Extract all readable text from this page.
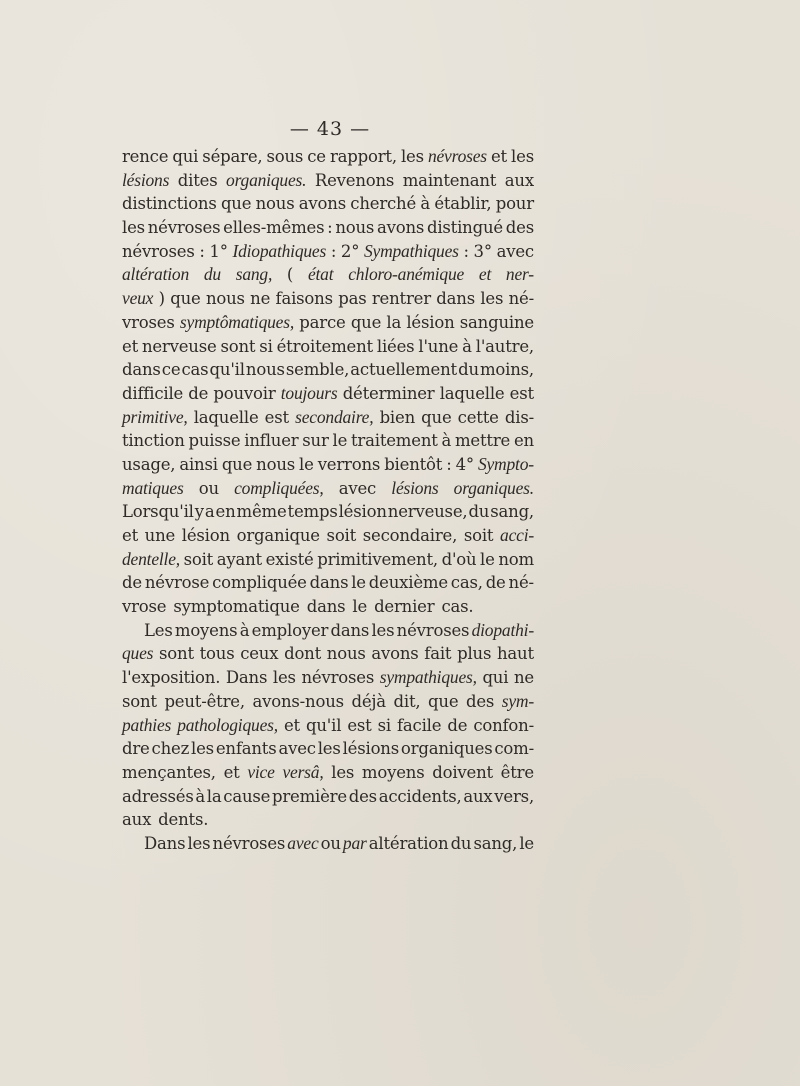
— 43 —
rence qui sépare, sous ce rapport, les névroses et les
lésions dites organiques. Revenons maintenant aux
distinctions que nous avons cherché à établir, pour
les névroses elles-mêmes : nous avons distingué des
névroses : 1° Idiopathiques : 2° Sympathiques : 3° avec
altération du sang, ( état chloro-anémique et ner-
veux ) que nous ne faisons pas rentrer dans les né-
vroses symptômatiques, parce que la lésion sanguine
et nerveuse sont si étroitement liées l'une à l'autre,
dans ce cas qu'il nous semble, actuellement du moins,
difficile de pouvoir toujours déterminer laquelle est
primitive, laquelle est secondaire, bien que cette dis-
tinction puisse influer sur le traitement à mettre en
usage, ainsi que nous le verrons bientôt : 4° Sympto-
matiques ou compliquées, avec lésions organiques.
Lorsqu'il y a en même temps lésion nerveuse, du sang,
et une lésion organique soit secondaire, soit acci-
dentelle, soit ayant existé primitivement, d'où le nom
de névrose compliquée dans le deuxième cas, de né-
vrose symptomatique dans le dernier cas.
Les moyens à employer dans les névroses diopathi-
ques sont tous ceux dont nous avons fait plus haut
l'exposition. Dans les névroses sympathiques, qui ne
sont peut-être, avons-nous déjà dit, que des sym-
pathies pathologiques, et qu'il est si facile de confon-
dre chez les enfants avec les lésions organiques com-
mençantes, et vice versâ, les moyens doivent être
adressés à la cause première des accidents, aux vers,
aux dents.
Dans les névroses avec ou par altération du sang, le
